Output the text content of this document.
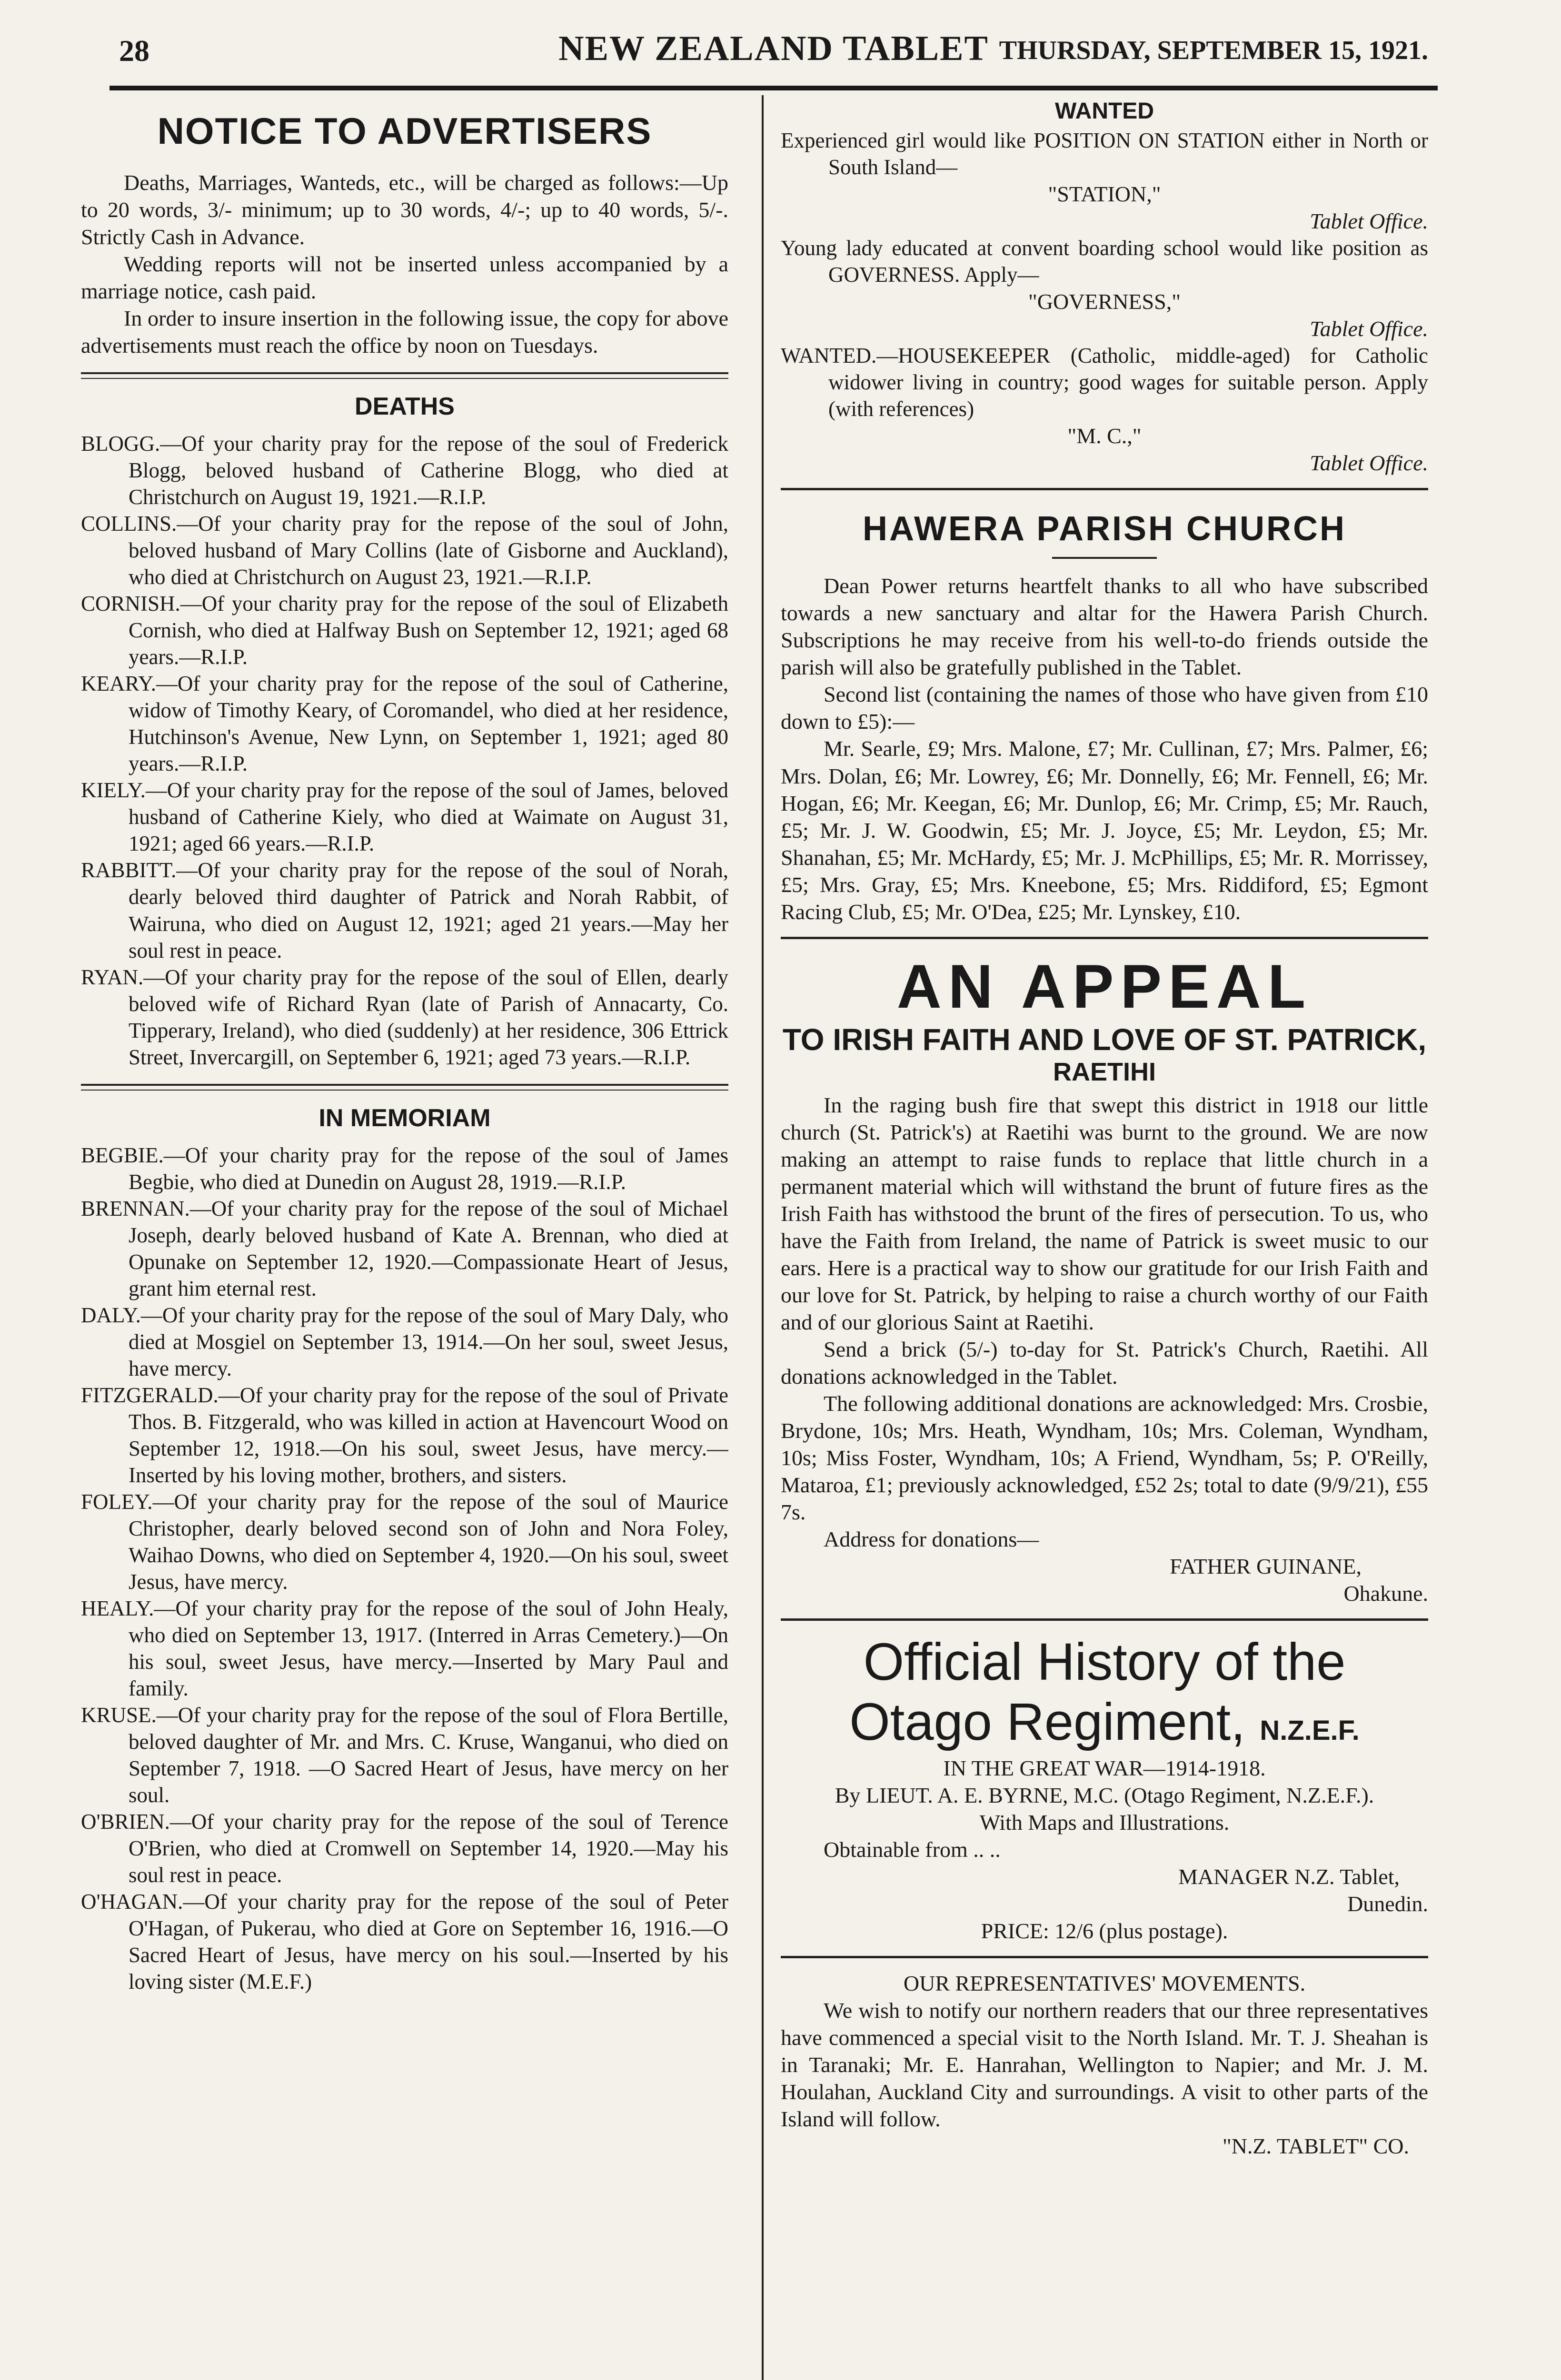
28	NEW ZEALAND TABLET THURSDAY, SEPTEMBER 15, 1921.
NOTICE TO ADVERTISERS

Deaths, Marriages, Wanteds, etc., will be charged as follows:—Up to 20 words, 3/- minimum; up to 30 words, 4/-; up to 40 words, 5/-. Strictly Cash in Advance.

Wedding reports will not be inserted unless accompanied by a marriage notice, cash paid.

In order to insure insertion in the following issue, the copy for above advertisements must reach the office by noon on Tuesdays.

DEATHS

BLOGG.—Of your charity pray for the repose of the soul of Frederick Blogg, beloved husband of Catherine Blogg, who died at Christchurch on August 19, 1921.—R.I.P.

COLLINS.—Of your charity pray for the repose of the soul of John, beloved husband of Mary Collins (late of Gisborne and Auckland), who died at Christchurch on August 23, 1921.—R.I.P.

CORNISH.—Of your charity pray for the repose of the soul of Elizabeth Cornish, who died at Halfway Bush on September 12, 1921; aged 68 years.—R.I.P.

KEARY.—Of your charity pray for the repose of the soul of Catherine, widow of Timothy Keary, of Coromandel, who died at her residence, Hutchinson's Avenue, New Lynn, on September 1, 1921; aged 80 years.—R.I.P.

KIELY.—Of your charity pray for the repose of the soul of James, beloved husband of Catherine Kiely, who died at Waimate on August 31, 1921; aged 66 years.—R.I.P.

RABBITT.—Of your charity pray for the repose of the soul of Norah, dearly beloved third daughter of Patrick and Norah Rabbit, of Wairuna, who died on August 12, 1921; aged 21 years.—May her soul rest in peace.

RYAN.—Of your charity pray for the repose of the soul of Ellen, dearly beloved wife of Richard Ryan (late of Parish of Annacarty, Co. Tipperary, Ireland), who died (suddenly) at her residence, 306 Ettrick Street, Invercargill, on September 6, 1921; aged 73 years.—R.I.P.

IN MEMORIAM

BEGBIE.—Of your charity pray for the repose of the soul of James Begbie, who died at Dunedin on August 28, 1919.—R.I.P.

BRENNAN.—Of your charity pray for the repose of the soul of Michael Joseph, dearly beloved husband of Kate A. Brennan, who died at Opunake on September 12, 1920.—Compassionate Heart of Jesus, grant him eternal rest.

DALY.—Of your charity pray for the repose of the soul of Mary Daly, who died at Mosgiel on September 13, 1914.—On her soul, sweet Jesus, have mercy.

FITZGERALD.—Of your charity pray for the repose of the soul of Private Thos. B. Fitzgerald, who was killed in action at Havencourt Wood on September 12, 1918.—On his soul, sweet Jesus, have mercy.—Inserted by his loving mother, brothers, and sisters.

FOLEY.—Of your charity pray for the repose of the soul of Maurice Christopher, dearly beloved second son of John and Nora Foley, Waihao Downs, who died on September 4, 1920.—On his soul, sweet Jesus, have mercy.

HEALY.—Of your charity pray for the repose of the soul of John Healy, who died on September 13, 1917. (Interred in Arras Cemetery.)—On his soul, sweet Jesus, have mercy.—Inserted by Mary Paul and family.

KRUSE.—Of your charity pray for the repose of the soul of Flora Bertille, beloved daughter of Mr. and Mrs. C. Kruse, Wanganui, who died on September 7, 1918. —O Sacred Heart of Jesus, have mercy on her soul.

O'BRIEN.—Of your charity pray for the repose of the soul of Terence O'Brien, who died at Cromwell on September 14, 1920.—May his soul rest in peace.

O'HAGAN.—Of your charity pray for the repose of the soul of Peter O'Hagan, of Pukerau, who died at Gore on September 16, 1916.—O Sacred Heart of Jesus, have mercy on his soul.—Inserted by his loving sister (M.E.F.)

WANTED

Experienced girl would like POSITION ON STATION either in North or South Island—

"STATION,"

Tablet Office.

Young lady educated at convent boarding school would like position as GOVERNESS. Apply—

"GOVERNESS,"

Tablet Office.

WANTED.—HOUSEKEEPER (Catholic, middle-aged) for Catholic widower living in country; good wages for suitable person. Apply (with references)

"M. C.,"

Tablet Office.

HAWERA PARISH CHURCH

Dean Power returns heartfelt thanks to all who have subscribed towards a new sanctuary and altar for the Hawera Parish Church. Subscriptions he may receive from his well-to-do friends outside the parish will also be gratefully published in the Tablet.

Second list (containing the names of those who have given from £10 down to £5):—

Mr. Searle, £9; Mrs. Malone, £7; Mr. Cullinan, £7; Mrs. Palmer, £6; Mrs. Dolan, £6; Mr. Lowrey, £6; Mr. Donnelly, £6; Mr. Fennell, £6; Mr. Hogan, £6; Mr. Keegan, £6; Mr. Dunlop, £6; Mr. Crimp, £5; Mr. Rauch, £5; Mr. J. W. Goodwin, £5; Mr. J. Joyce, £5; Mr. Leydon, £5; Mr. Shanahan, £5; Mr. McHardy, £5; Mr. J. McPhillips, £5; Mr. R. Morrissey, £5; Mrs. Gray, £5; Mrs. Kneebone, £5; Mrs. Riddiford, £5; Egmont Racing Club, £5; Mr. O'Dea, £25; Mr. Lynskey, £10.

AN APPEAL
TO IRISH FAITH AND LOVE OF ST. PATRICK,
RAETIHI

In the raging bush fire that swept this district in 1918 our little church (St. Patrick's) at Raetihi was burnt to the ground. We are now making an attempt to raise funds to replace that little church in a permanent material which will withstand the brunt of future fires as the Irish Faith has withstood the brunt of the fires of persecution. To us, who have the Faith from Ireland, the name of Patrick is sweet music to our ears. Here is a practical way to show our gratitude for our Irish Faith and our love for St. Patrick, by helping to raise a church worthy of our Faith and of our glorious Saint at Raetihi.

Send a brick (5/-) to-day for St. Patrick's Church, Raetihi. All donations acknowledged in the Tablet.

The following additional donations are acknowledged: Mrs. Crosbie, Brydone, 10s; Mrs. Heath, Wyndham, 10s; Mrs. Coleman, Wyndham, 10s; Miss Foster, Wyndham, 10s; A Friend, Wyndham, 5s; P. O'Reilly, Mataroa, £1; previously acknowledged, £52 2s; total to date (9/9/21), £55 7s.

Address for donations—

FATHER GUINANE,

Ohakune.

Official History of the
Otago Regiment, N.Z.E.F.

IN THE GREAT WAR—1914-1918.

By LIEUT. A. E. BYRNE, M.C. (Otago Regiment, N.Z.E.F.).

With Maps and Illustrations.

Obtainable from .. ..

MANAGER N.Z. Tablet,

Dunedin.

PRICE: 12/6 (plus postage).

OUR REPRESENTATIVES' MOVEMENTS.

We wish to notify our northern readers that our three representatives have commenced a special visit to the North Island. Mr. T. J. Sheahan is in Taranaki; Mr. E. Hanrahan, Wellington to Napier; and Mr. J. M. Houlahan, Auckland City and surroundings. A visit to other parts of the Island will follow.

"N.Z. TABLET" CO.
